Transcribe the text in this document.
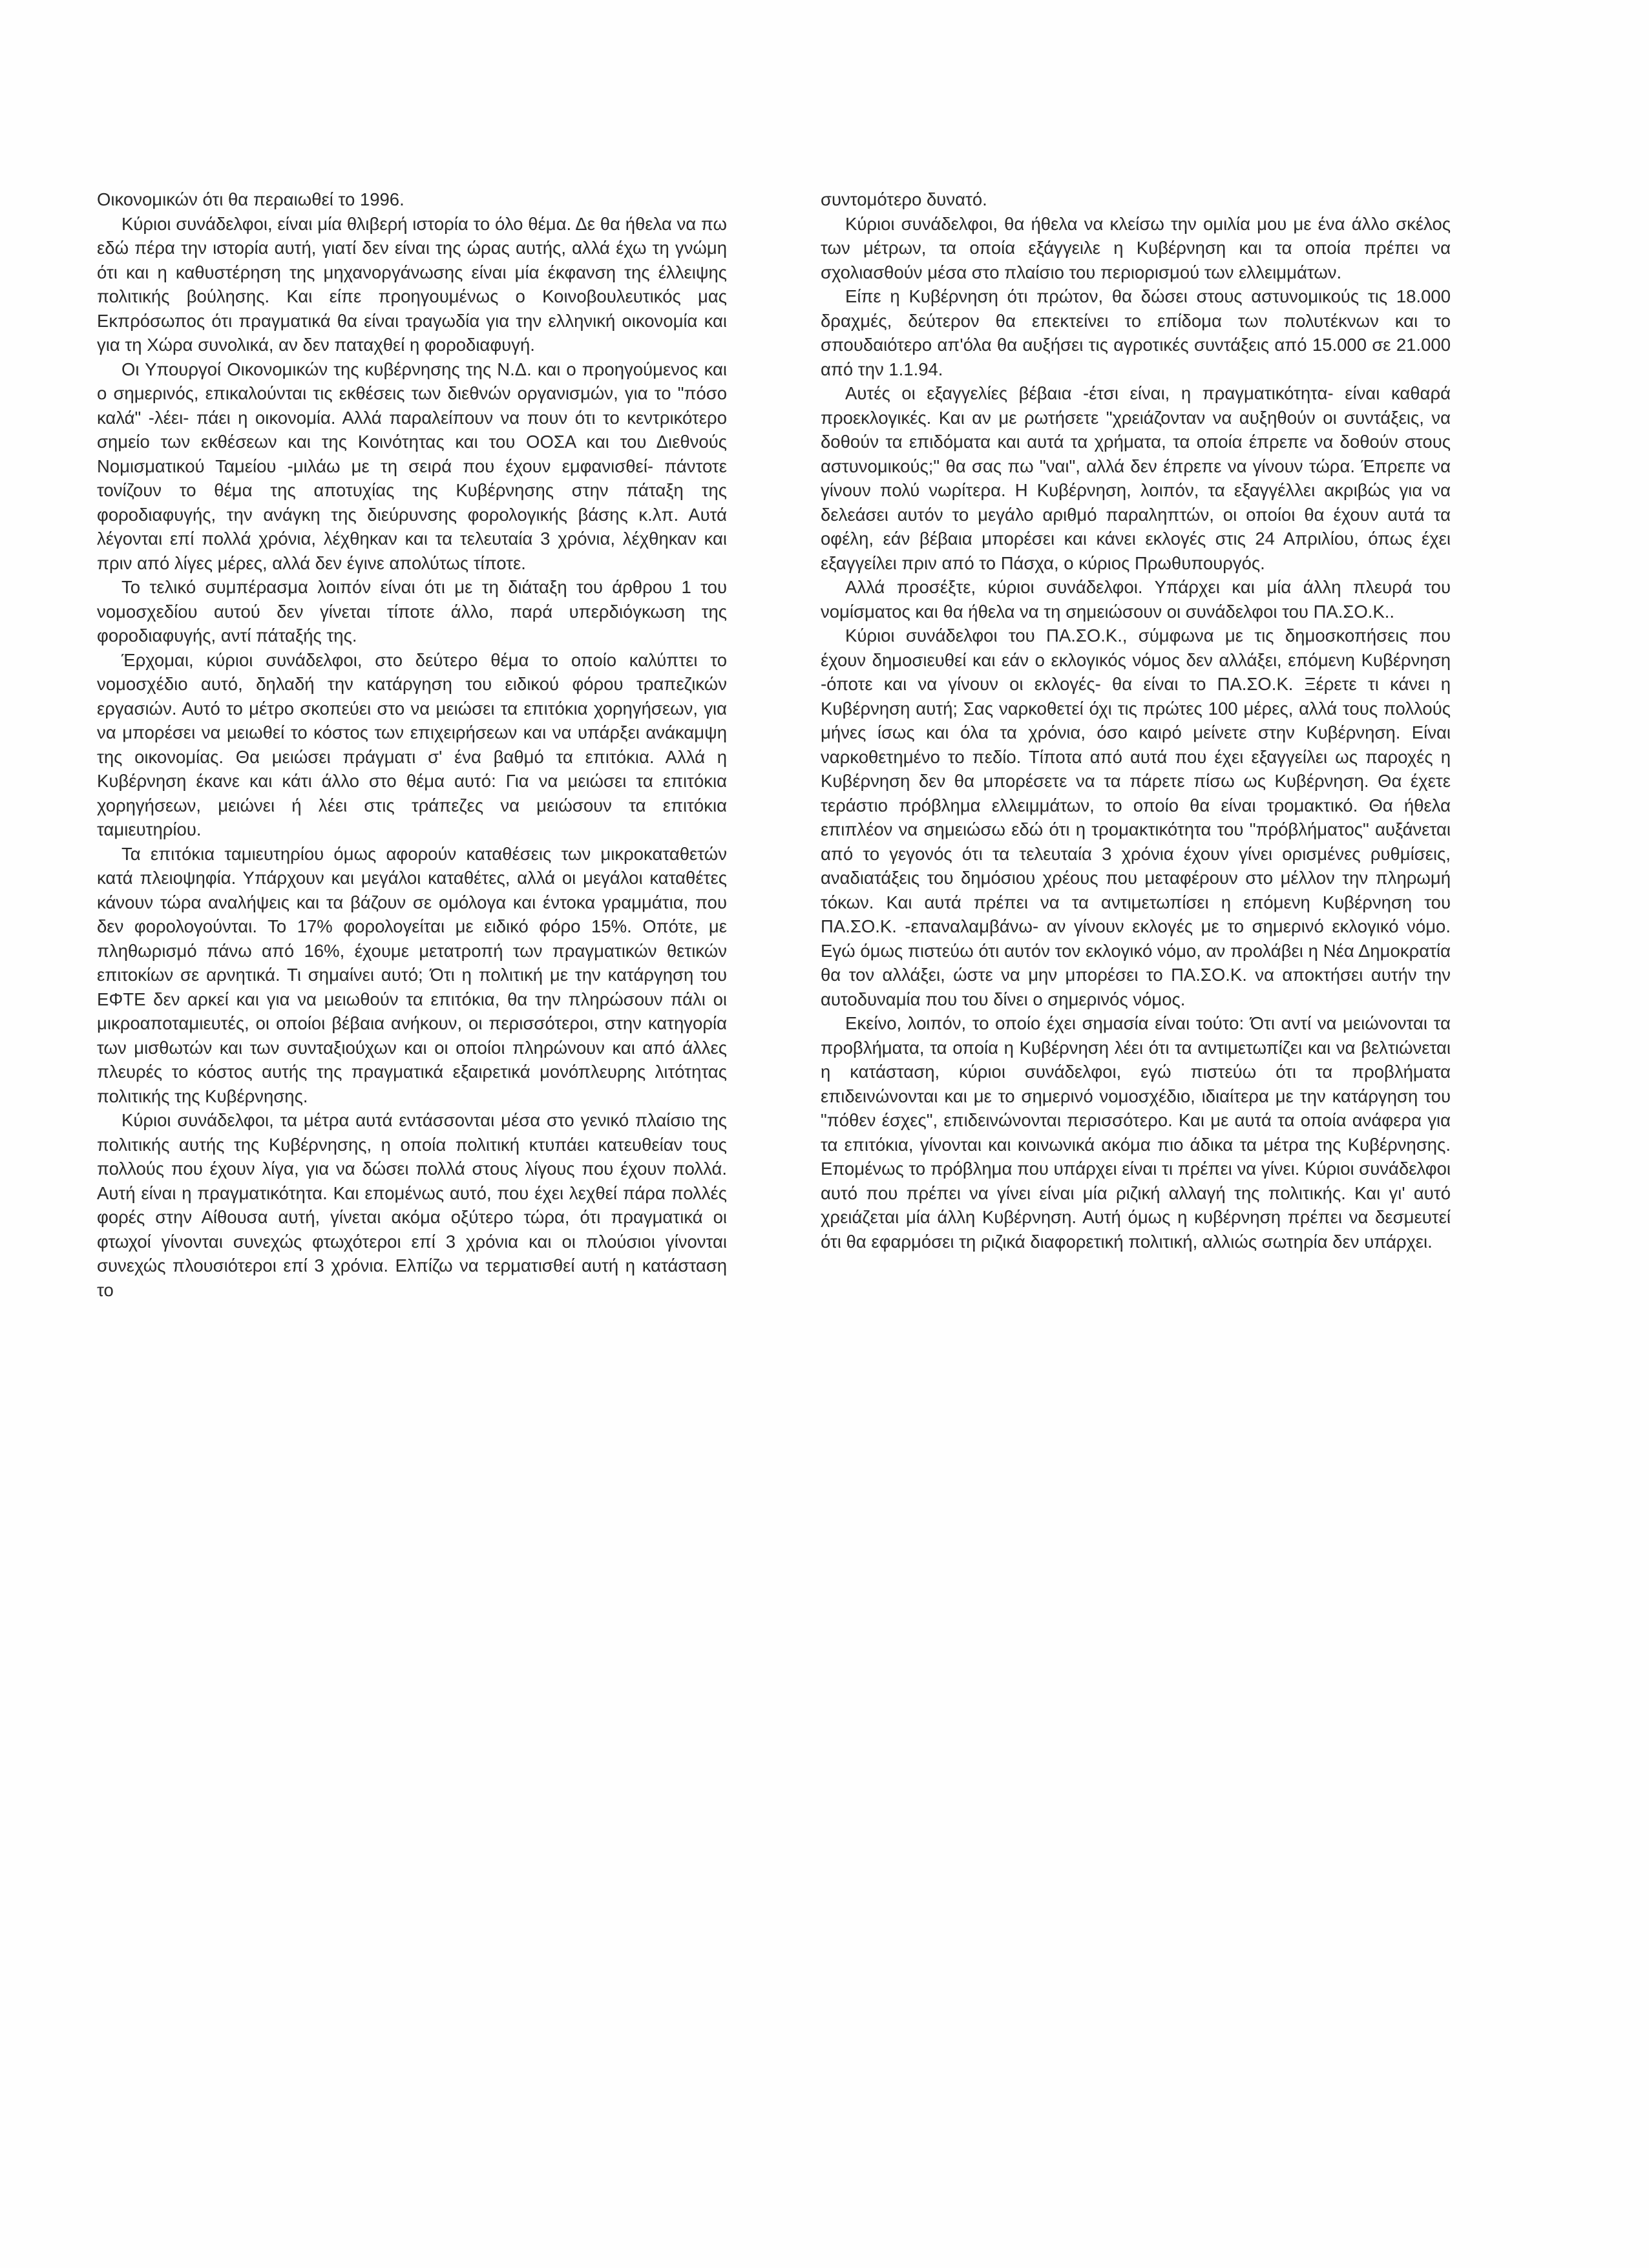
Οικονομικών ότι θα περαιωθεί το 1996.

Κύριοι συνάδελφοι, είναι μία θλιβερή ιστορία το όλο θέμα. Δε θα ήθελα να πω εδώ πέρα την ιστορία αυτή, γιατί δεν είναι της ώρας αυτής, αλλά έχω τη γνώμη ότι και η καθυστέρηση της μηχανοργάνωσης είναι μία έκφανση της έλλειψης πολιτικής βούλησης. Και είπε προηγουμένως ο Κοινοβουλευτικός μας Εκπρόσωπος ότι πραγματικά θα είναι τραγωδία για την ελληνική οικονομία και για τη Χώρα συνολικά, αν δεν παταχθεί η φοροδιαφυγή.

Οι Υπουργοί Οικονομικών της κυβέρνησης της Ν.Δ. και ο προηγούμενος και ο σημερινός, επικαλούνται τις εκθέσεις των διεθνών οργανισμών, για το "πόσο καλά" -λέει- πάει η οικονομία. Αλλά παραλείπουν να πουν ότι το κεντρικότερο σημείο των εκθέσεων και της Κοινότητας και του ΟΟΣΑ και του Διεθνούς Νομισματικού Ταμείου -μιλάω με τη σειρά που έχουν εμφανισθεί- πάντοτε τονίζουν το θέμα της αποτυχίας της Κυβέρνησης στην πάταξη της φοροδιαφυγής, την ανάγκη της διεύρυνσης φορολογικής βάσης κ.λπ. Αυτά λέγονται επί πολλά χρόνια, λέχθηκαν και τα τελευταία 3 χρόνια, λέχθηκαν και πριν από λίγες μέρες, αλλά δεν έγινε απολύτως τίποτε.

Το τελικό συμπέρασμα λοιπόν είναι ότι με τη διάταξη του άρθρου 1 του νομοσχεδίου αυτού δεν γίνεται τίποτε άλλο, παρά υπερδιόγκωση της φοροδιαφυγής, αντί πάταξής της.

Έρχομαι, κύριοι συνάδελφοι, στο δεύτερο θέμα το οποίο καλύπτει το νομοσχέδιο αυτό, δηλαδή την κατάργηση του ειδικού φόρου τραπεζικών εργασιών. Αυτό το μέτρο σκοπεύει στο να μειώσει τα επιτόκια χορηγήσεων, για να μπορέσει να μειωθεί το κόστος των επιχειρήσεων και να υπάρξει ανάκαμψη της οικονομίας. Θα μειώσει πράγματι σ' ένα βαθμό τα επιτόκια. Αλλά η Κυβέρνηση έκανε και κάτι άλλο στο θέμα αυτό: Για να μειώσει τα επιτόκια χορηγήσεων, μειώνει ή λέει στις τράπεζες να μειώσουν τα επιτόκια ταμιευτηρίου.

Τα επιτόκια ταμιευτηρίου όμως αφορούν καταθέσεις των μικροκαταθετών κατά πλειοψηφία. Υπάρχουν και μεγάλοι καταθέτες, αλλά οι μεγάλοι καταθέτες κάνουν τώρα αναλήψεις και τα βάζουν σε ομόλογα και έντοκα γραμμάτια, που δεν φορολογούνται. Το 17% φορολογείται με ειδικό φόρο 15%. Οπότε, με πληθωρισμό πάνω από 16%, έχουμε μετατροπή των πραγματικών θετικών επιτοκίων σε αρνητικά. Τι σημαίνει αυτό; Ότι η πολιτική με την κατάργηση του ΕΦΤΕ δεν αρκεί και για να μειωθούν τα επιτόκια, θα την πληρώσουν πάλι οι μικροαποταμιευτές, οι οποίοι βέβαια ανήκουν, οι περισσότεροι, στην κατηγορία των μισθωτών και των συνταξιούχων και οι οποίοι πληρώνουν και από άλλες πλευρές το κόστος αυτής της πραγματικά εξαιρετικά μονόπλευρης λιτότητας πολιτικής της Κυβέρνησης.

Κύριοι συνάδελφοι, τα μέτρα αυτά εντάσσονται μέσα στο γενικό πλαίσιο της πολιτικής αυτής της Κυβέρνησης, η οποία πολιτική κτυπάει κατευθείαν τους πολλούς που έχουν λίγα, για να δώσει πολλά στους λίγους που έχουν πολλά. Αυτή είναι η πραγματικότητα. Και επομένως αυτό, που έχει λεχθεί πάρα πολλές φορές στην Αίθουσα αυτή, γίνεται ακόμα οξύτερο τώρα, ότι πραγματικά οι φτωχοί γίνονται συνεχώς φτωχότεροι επί 3 χρόνια και οι πλούσιοι γίνονται συνεχώς πλουσιότεροι επί 3 χρόνια. Ελπίζω να τερματισθεί αυτή η κατάσταση το

συντομότερο δυνατό.

Κύριοι συνάδελφοι, θα ήθελα να κλείσω την ομιλία μου με ένα άλλο σκέλος των μέτρων, τα οποία εξάγγειλε η Κυβέρνηση και τα οποία πρέπει να σχολιασθούν μέσα στο πλαίσιο του περιορισμού των ελλειμμάτων.

Είπε η Κυβέρνηση ότι πρώτον, θα δώσει στους αστυνομικούς τις 18.000 δραχμές, δεύτερον θα επεκτείνει το επίδομα των πολυτέκνων και το σπουδαιότερο απ'όλα θα αυξήσει τις αγροτικές συντάξεις από 15.000 σε 21.000 από την 1.1.94.

Αυτές οι εξαγγελίες βέβαια -έτσι είναι, η πραγματικότητα- είναι καθαρά προεκλογικές. Και αν με ρωτήσετε "χρειάζονταν να αυξηθούν οι συντάξεις, να δοθούν τα επιδόματα και αυτά τα χρήματα, τα οποία έπρεπε να δοθούν στους αστυνομικούς;" θα σας πω "ναι", αλλά δεν έπρεπε να γίνουν τώρα. Έπρεπε να γίνουν πολύ νωρίτερα. Η Κυβέρνηση, λοιπόν, τα εξαγγέλλει ακριβώς για να δελεάσει αυτόν το μεγάλο αριθμό παραληπτών, οι οποίοι θα έχουν αυτά τα οφέλη, εάν βέβαια μπορέσει και κάνει εκλογές στις 24 Απριλίου, όπως έχει εξαγγείλει πριν από το Πάσχα, ο κύριος Πρωθυπουργός.

Αλλά προσέξτε, κύριοι συνάδελφοι. Υπάρχει και μία άλλη πλευρά του νομίσματος και θα ήθελα να τη σημειώσουν οι συνάδελφοι του ΠΑ.ΣΟ.Κ..

Κύριοι συνάδελφοι του ΠΑ.ΣΟ.Κ., σύμφωνα με τις δημοσκοπήσεις που έχουν δημοσιευθεί και εάν ο εκλογικός νόμος δεν αλλάξει, επόμενη Κυβέρνηση -όποτε και να γίνουν οι εκλογές- θα είναι το ΠΑ.ΣΟ.Κ. Ξέρετε τι κάνει η Κυβέρνηση αυτή; Σας ναρκοθετεί όχι τις πρώτες 100 μέρες, αλλά τους πολλούς μήνες ίσως και όλα τα χρόνια, όσο καιρό μείνετε στην Κυβέρνηση. Είναι ναρκοθετημένο το πεδίο. Τίποτα από αυτά που έχει εξαγγείλει ως παροχές η Κυβέρνηση δεν θα μπορέσετε να τα πάρετε πίσω ως Κυβέρνηση. Θα έχετε τεράστιο πρόβλημα ελλειμμάτων, το οποίο θα είναι τρομακτικό. Θα ήθελα επιπλέον να σημειώσω εδώ ότι η τρομακτικότητα του "πρόβλήματος" αυξάνεται από το γεγονός ότι τα τελευταία 3 χρόνια έχουν γίνει ορισμένες ρυθμίσεις, αναδιατάξεις του δημόσιου χρέους που μεταφέρουν στο μέλλον την πληρωμή τόκων. Και αυτά πρέπει να τα αντιμετωπίσει η επόμενη Κυβέρνηση του ΠΑ.ΣΟ.Κ. -επαναλαμβάνω- αν γίνουν εκλογές με το σημερινό εκλογικό νόμο. Εγώ όμως πιστεύω ότι αυτόν τον εκλογικό νόμο, αν προλάβει η Νέα Δημοκρατία θα τον αλλάξει, ώστε να μην μπορέσει το ΠΑ.ΣΟ.Κ. να αποκτήσει αυτήν την αυτοδυναμία που του δίνει ο σημερινός νόμος.

Εκείνο, λοιπόν, το οποίο έχει σημασία είναι τούτο: Ότι αντί να μειώνονται τα προβλήματα, τα οποία η Κυβέρνηση λέει ότι τα αντιμετωπίζει και να βελτιώνεται η κατάσταση, κύριοι συνάδελφοι, εγώ πιστεύω ότι τα προβλήματα επιδεινώνονται και με το σημερινό νομοσχέδιο, ιδιαίτερα με την κατάργηση του "πόθεν έσχες", επιδεινώνονται περισσότερο. Και με αυτά τα οποία ανάφερα για τα επιτόκια, γίνονται και κοινωνικά ακόμα πιο άδικα τα μέτρα της Κυβέρνησης. Επομένως το πρόβλημα που υπάρχει είναι τι πρέπει να γίνει. Κύριοι συνάδελφοι αυτό που πρέπει να γίνει είναι μία ριζική αλλαγή της πολιτικής. Και γι' αυτό χρειάζεται μία άλλη Κυβέρνηση. Αυτή όμως η κυβέρνηση πρέπει να δεσμευτεί ότι θα εφαρμόσει τη ριζικά διαφορετική πολιτική, αλλιώς σωτηρία δεν υπάρχει.
